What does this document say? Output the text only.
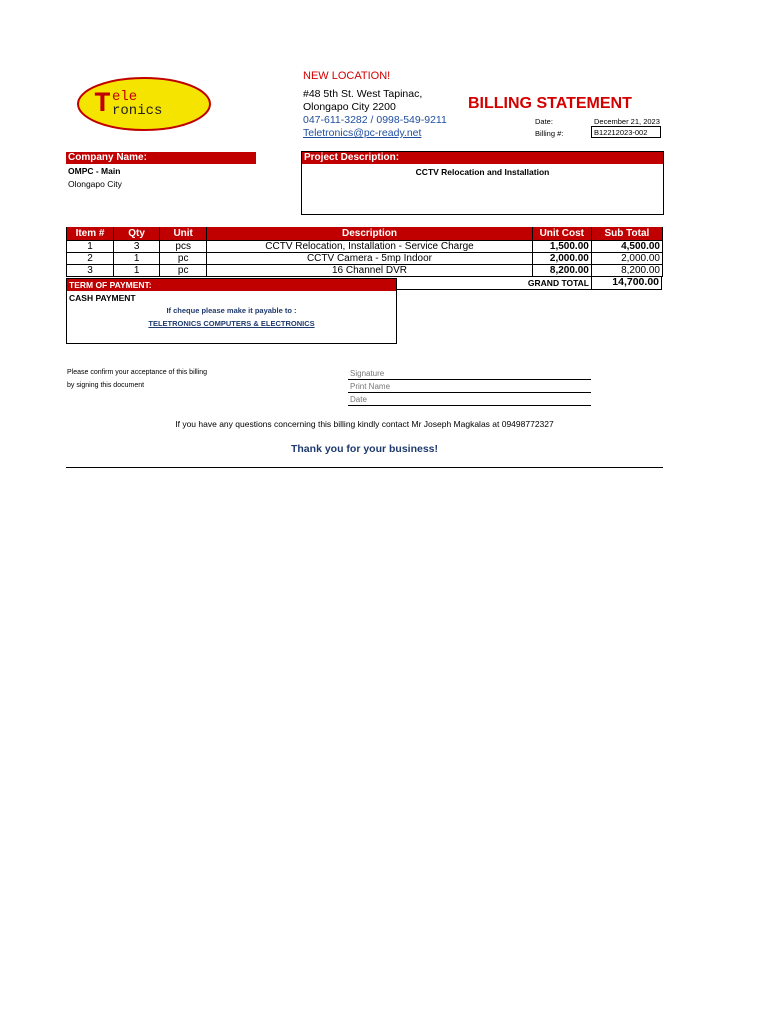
T ele
ronics
NEW LOCATION!
#48 5th St. West Tapinac,
Olongapo City 2200
047-611-3282 / 0998-549-9211
Teletronics@pc-ready.net
BILLING STATEMENT
Date:	December 21, 2023
Billing #:	B12212023-002
Company Name:
OMPC - Main
Olongapo City
Project Description:
CCTV Relocation and Installation
Item #	Qty	Unit	Description	Unit Cost	Sub Total
1	3	pcs	CCTV Relocation, Installation - Service Charge	1,500.00	4,500.00
2	1	pc	CCTV Camera - 5mp Indoor	2,000.00	2,000.00
3	1	pc	16 Channel DVR	8,200.00	8,200.00
GRAND TOTAL	14,700.00
TERM OF PAYMENT:
CASH PAYMENT
If cheque please make it payable to :
TELETRONICS COMPUTERS & ELECTRONICS
Please confirm your acceptance of this billing
by signing this document
Signature
Print Name
Date
If you have any questions concerning this billing kindly contact Mr Joseph Magkalas at 09498772327
Thank you for your business!
